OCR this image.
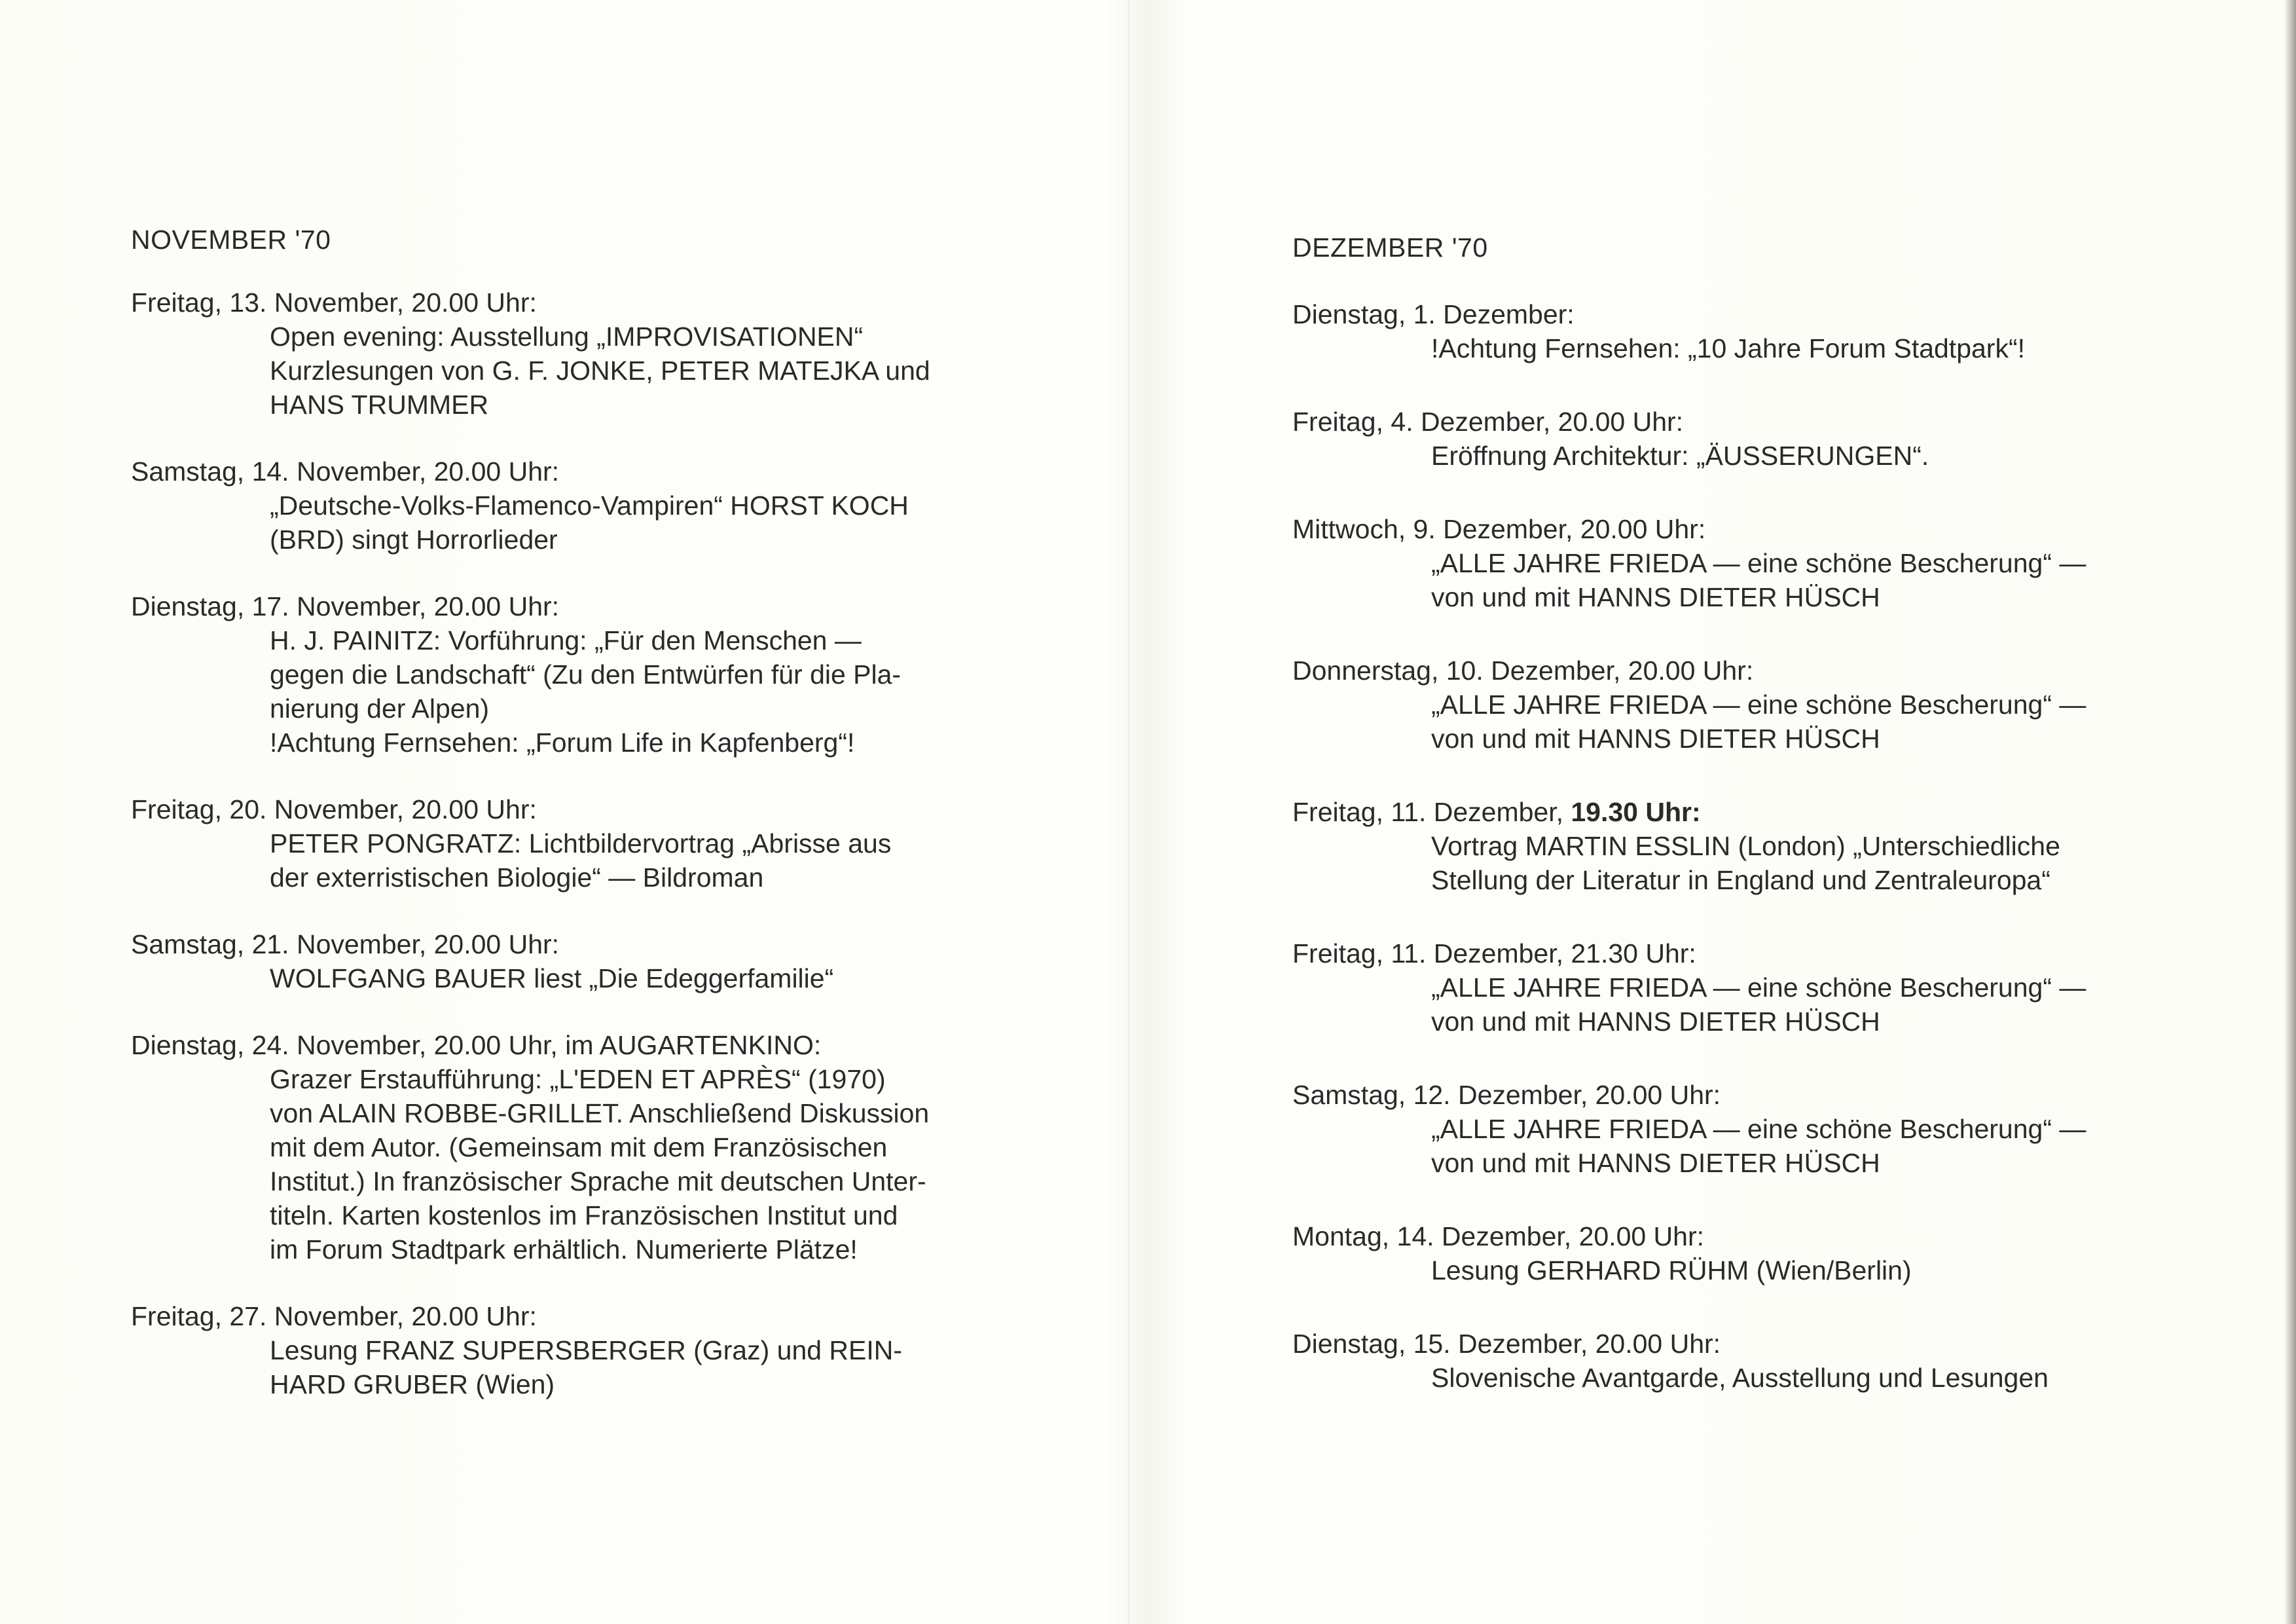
NOVEMBER '70
Freitag, 13. November, 20.00 Uhr:
Open evening: Ausstellung „IMPROVISATIONEN“
Kurzlesungen von G. F. JONKE, PETER MATEJKA und
HANS TRUMMER
Samstag, 14. November, 20.00 Uhr:
„Deutsche-Volks-Flamenco-Vampiren“ HORST KOCH
(BRD) singt Horrorlieder
Dienstag, 17. November, 20.00 Uhr:
H. J. PAINITZ: Vorführung: „Für den Menschen —
gegen die Landschaft“ (Zu den Entwürfen für die Pla-
nierung der Alpen)
!Achtung Fernsehen: „Forum Life in Kapfenberg“!
Freitag, 20. November, 20.00 Uhr:
PETER PONGRATZ: Lichtbildervortrag „Abrisse aus
der exterristischen Biologie“ — Bildroman
Samstag, 21. November, 20.00 Uhr:
WOLFGANG BAUER liest „Die Edeggerfamilie“
Dienstag, 24. November, 20.00 Uhr, im AUGARTENKINO:
Grazer Erstaufführung: „L'EDEN ET APRÈS“ (1970)
von ALAIN ROBBE-GRILLET. Anschließend Diskussion
mit dem Autor. (Gemeinsam mit dem Französischen
Institut.) In französischer Sprache mit deutschen Unter-
titeln. Karten kostenlos im Französischen Institut und
im Forum Stadtpark erhältlich. Numerierte Plätze!
Freitag, 27. November, 20.00 Uhr:
Lesung FRANZ SUPERSBERGER (Graz) und REIN-
HARD GRUBER (Wien)
DEZEMBER '70
Dienstag, 1. Dezember:
!Achtung Fernsehen: „10 Jahre Forum Stadtpark“!
Freitag, 4. Dezember, 20.00 Uhr:
Eröffnung Architektur: „ÄUSSERUNGEN“.
Mittwoch, 9. Dezember, 20.00 Uhr:
„ALLE JAHRE FRIEDA — eine schöne Bescherung“ —
von und mit HANNS DIETER HÜSCH
Donnerstag, 10. Dezember, 20.00 Uhr:
„ALLE JAHRE FRIEDA — eine schöne Bescherung“ —
von und mit HANNS DIETER HÜSCH
Freitag, 11. Dezember, 19.30 Uhr:
Vortrag MARTIN ESSLIN (London) „Unterschiedliche
Stellung der Literatur in England und Zentraleuropa“
Freitag, 11. Dezember, 21.30 Uhr:
„ALLE JAHRE FRIEDA — eine schöne Bescherung“ —
von und mit HANNS DIETER HÜSCH
Samstag, 12. Dezember, 20.00 Uhr:
„ALLE JAHRE FRIEDA — eine schöne Bescherung“ —
von und mit HANNS DIETER HÜSCH
Montag, 14. Dezember, 20.00 Uhr:
Lesung GERHARD RÜHM (Wien/Berlin)
Dienstag, 15. Dezember, 20.00 Uhr:
Slovenische Avantgarde, Ausstellung und Lesungen
